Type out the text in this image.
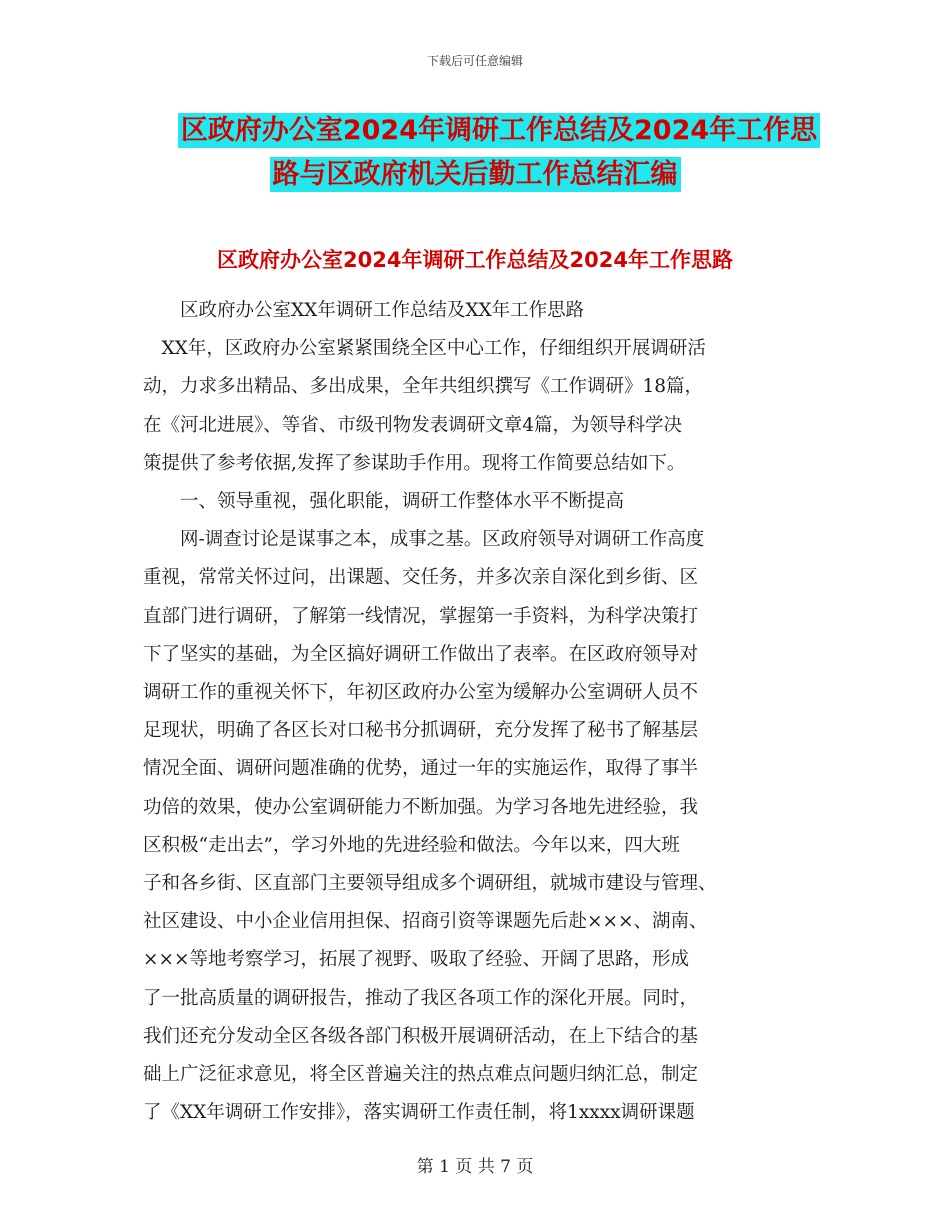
下载后可任意编辑
区政府办公室2024年调研工作总结及2024年工作思
路与区政府机关后勤工作总结汇编
区政府办公室2024年调研工作总结及2024年工作思路

　　区政府办公室XX年调研工作总结及XX年工作思路

　XX年，区政府办公室紧紧围绕全区中心工作，仔细组织开展调研活

动，力求多出精品、多出成果，全年共组织撰写《工作调研》18篇，

在《河北进展》、等省、市级刊物发表调研文章4篇，为领导科学决

策提供了参考依据,发挥了参谋助手作用。现将工作简要总结如下。

　　一、领导重视，强化职能，调研工作整体水平不断提高

　　网-调查讨论是谋事之本，成事之基。区政府领导对调研工作高度

重视，常常关怀过问，出课题、交任务，并多次亲自深化到乡街、区

直部门进行调研，了解第一线情况，掌握第一手资料，为科学决策打

下了坚实的基础，为全区搞好调研工作做出了表率。在区政府领导对

调研工作的重视关怀下，年初区政府办公室为缓解办公室调研人员不

足现状，明确了各区长对口秘书分抓调研，充分发挥了秘书了解基层

情况全面、调研问题准确的优势，通过一年的实施运作，取得了事半

功倍的效果，使办公室调研能力不断加强。为学习各地先进经验，我

区积极“走出去”，学习外地的先进经验和做法。今年以来，四大班

子和各乡街、区直部门主要领导组成多个调研组，就城市建设与管理、

社区建设、中小企业信用担保、招商引资等课题先后赴×××、湖南、

×××等地考察学习，拓展了视野、吸取了经验、开阔了思路，形成

了一批高质量的调研报告，推动了我区各项工作的深化开展。同时，

我们还充分发动全区各级各部门积极开展调研活动，在上下结合的基

础上广泛征求意见，将全区普遍关注的热点难点问题归纳汇总，制定

了《XX年调研工作安排》，落实调研工作责任制，将1xxxx调研课题

第 1 页 共 7 页
